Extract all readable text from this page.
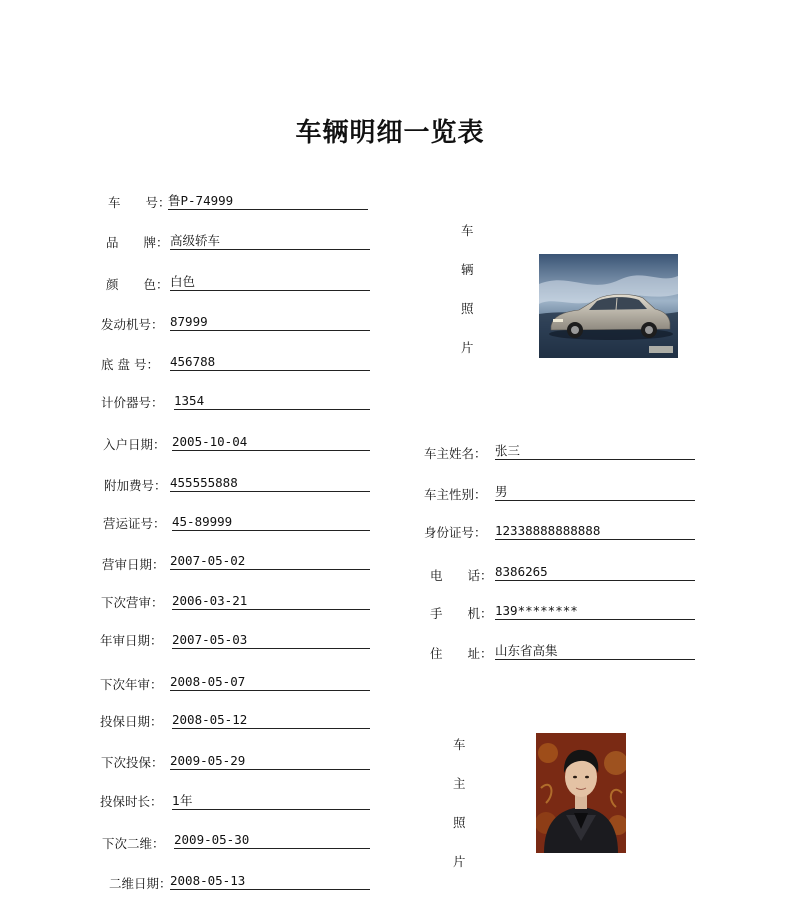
车辆明细一览表
车　　号：
鲁P-74999
品　　牌： 高级轿车
颜　　色： 白色
发动机号： 87999
底 盘 号： 456788
计价器号： 1354
入户日期： 2005-10-04
附加费号： 455555888
营运证号： 45-89999
营审日期： 2007-05-02
下次营审： 2006-03-21
年审日期： 2007-05-03
下次年审： 2008-05-07
投保日期： 2008-05-12
下次投保： 2009-05-29
投保时长： 1年
下次二维： 2009-05-30
二维日期：
2008-05-13
车
辆
照
片
车主姓名： 张三
车主性别： 男
身份证号： 12338888888888
电　　话： 8386265
手　　机： 139********
住　　址： 山东省高集
车
主
照
片
